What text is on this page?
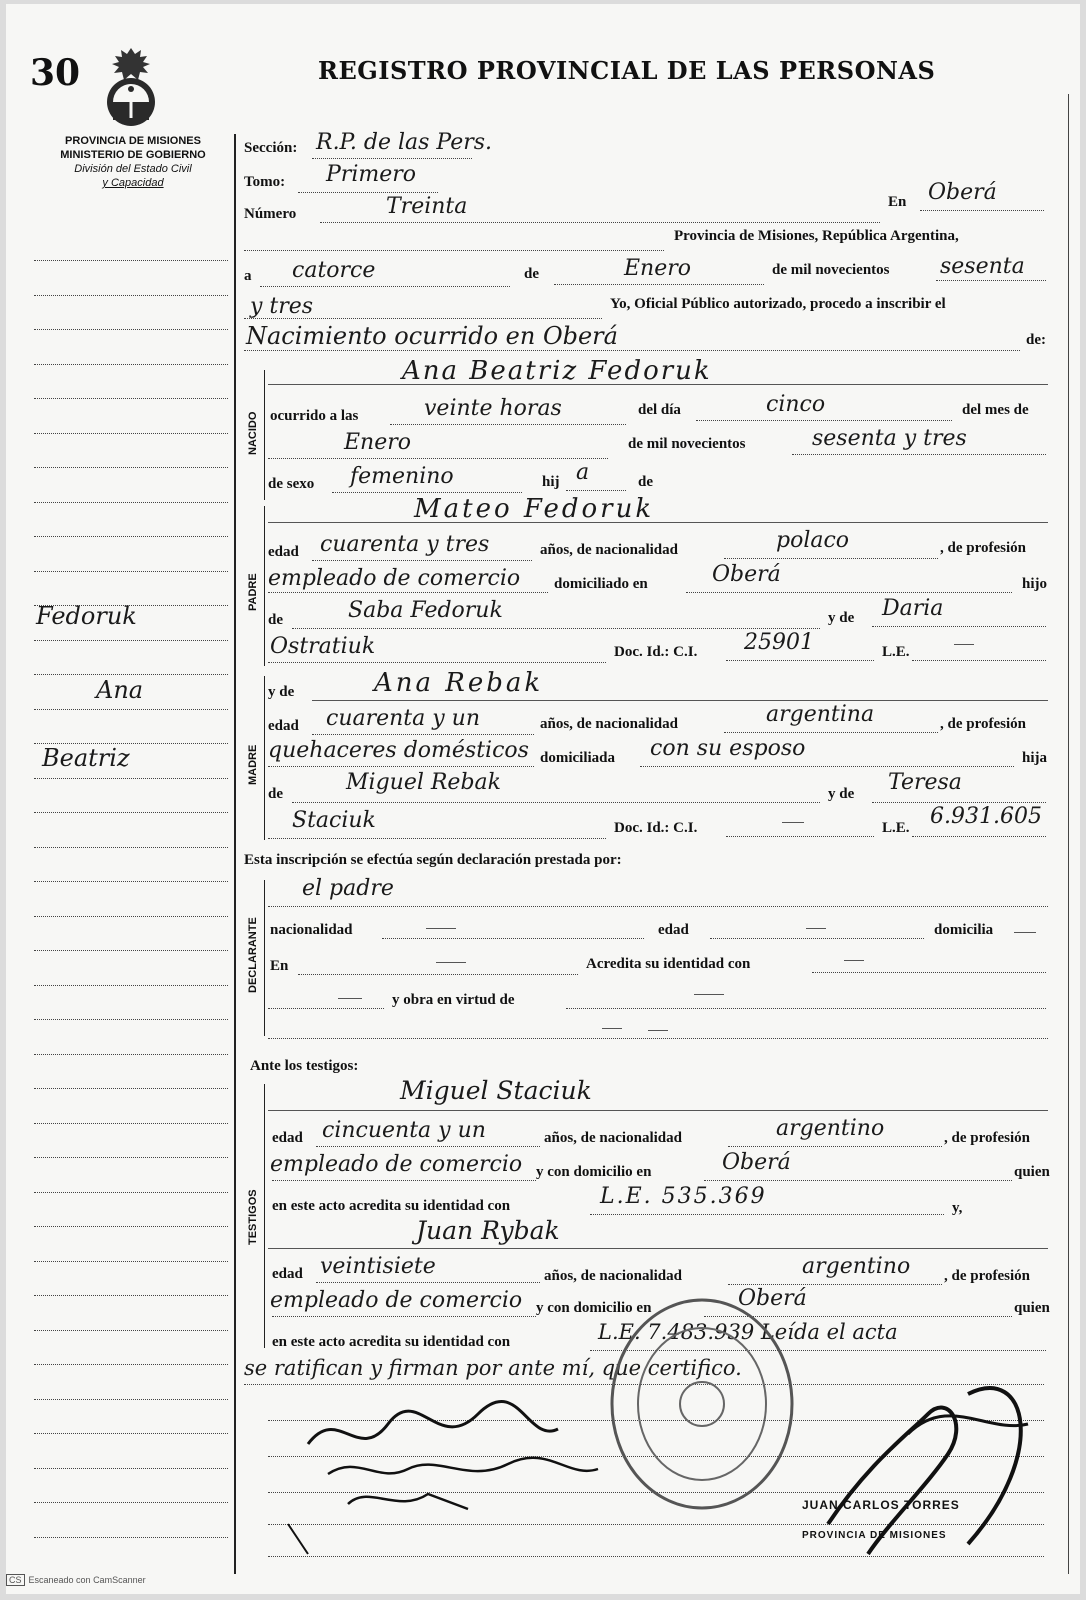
30	REGISTRO PROVINCIAL DE LAS PERSONAS
PROVINCIA DE MISIONES
MINISTERIO DE GOBIERNO
División del Estado Civil
y Capacidad
Fedoruk
Ana
Beatriz
Sección: R.P. de las Pers.
Tomo: Primero
Número	Treinta	En Oberá
Provincia de Misiones, República Argentina,
a catorce	de	Enero	de mil novecientos sesenta
y tres	Yo, Oficial Público autorizado, procedo a inscribir el
Nacimiento ocurrido en Oberá	de:
NACIDO
Ana Beatriz Fedoruk
ocurrido a las	veinte horas	del día	cinco	del mes de
Enero	de mil novecientos	sesenta y tres
de sexo femenino	hij a	de
PADRE
Mateo Fedoruk
edad cuarenta y tres	años, de nacionalidad	polaco	, de profesión
empleado de comercio domiciliado en	Oberá	hijo
de	Saba Fedoruk	y de Daria
Ostratiuk	Doc. Id.: C.I. 25901	L.E.
MADRE
y de	Ana Rebak
edad cuarenta y un	años, de nacionalidad	argentina	, de profesión
quehaceres domésticos domiciliada con su esposo	hija
de	Miguel Rebak	y de Teresa
Staciuk	Doc. Id.: C.I.	L.E. 6.931.605
Esta inscripción se efectúa según declaración prestada por:
DECLARANTE
el padre
nacionalidad	edad	domicilia
En	Acredita su identidad con
y obra en virtud de
Ante los testigos:
TESTIGOS
Miguel Staciuk
edad cincuenta y un	años, de nacionalidad	argentino	, de profesión
empleado de comercio y con domicilio en	Oberá	quien
en este acto acredita su identidad con	L.E. 535.369	y,
Juan Rybak
edad veintisiete	años, de nacionalidad	argentino , de profesión
empleado de comercio y con domicilio en	Oberá	quien
en este acto acredita su identidad con	L.E. 7.483.939 Leída el acta
se ratifican y firman por ante mí, que certifico.
JUAN CARLOS TORRES
PROVINCIA DE MISIONES
CS Escaneado con CamScanner
